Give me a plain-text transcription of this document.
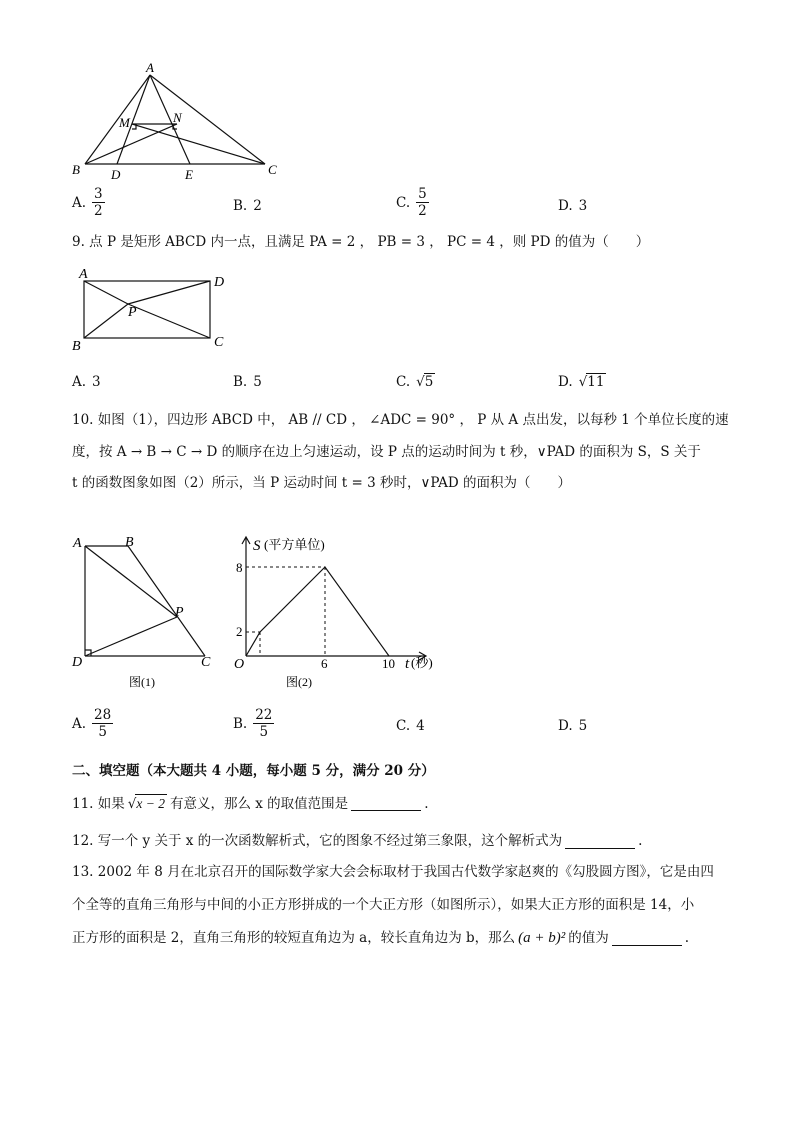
A
M	N
B	C
D	E
A. $\frac{3}{2}$	B. 2	C. $\frac{5}{2}$	D. 3
9. 点 P 是矩形 ABCD 内一点，且满足 PA = 2 ， PB = 3 ， PC = 4 ，则 PD 的值为（　　）
A
D
P
B	C
A. 3	B. 5	C. √5	D. √11
10. 如图（1），四边形 ABCD 中， AB // CD ， ∠ADC = 90° ， P 从 A 点出发，以每秒 1 个单位长度的速
度，按 A → B → C → D 的顺序在边上匀速运动，设 P 点的运动时间为 t 秒，∨PAD 的面积为 S，S 关于
t 的函数图象如图（2）所示，当 P 运动时间 t = 3 秒时，∨PAD 的面积为（　　）
A	B
P
D	C
图(1)
S (平方单位)
8
2
O	6	10 t (秒)
图(2)
A. $\frac{28}{5}$	B. $\frac{22}{5}$	C. 4	D. 5
二、填空题（本大题共 4 小题，每小题 5 分，满分 20 分）
11. 如果 √x − 2 有意义，那么 x 的取值范围是	.
12. 写一个 y 关于 x 的一次函数解析式，它的图象不经过第三象限，这个解析式为	.
13. 2002 年 8 月在北京召开的国际数学家大会会标取材于我国古代数学家赵爽的《勾股圆方图》，它是由四
个全等的直角三角形与中间的小正方形拼成的一个大正方形（如图所示），如果大正方形的面积是 14，小
正方形的面积是 2，直角三角形的较短直角边为 a，较长直角边为 b，那么 (a + b)² 的值为	.
